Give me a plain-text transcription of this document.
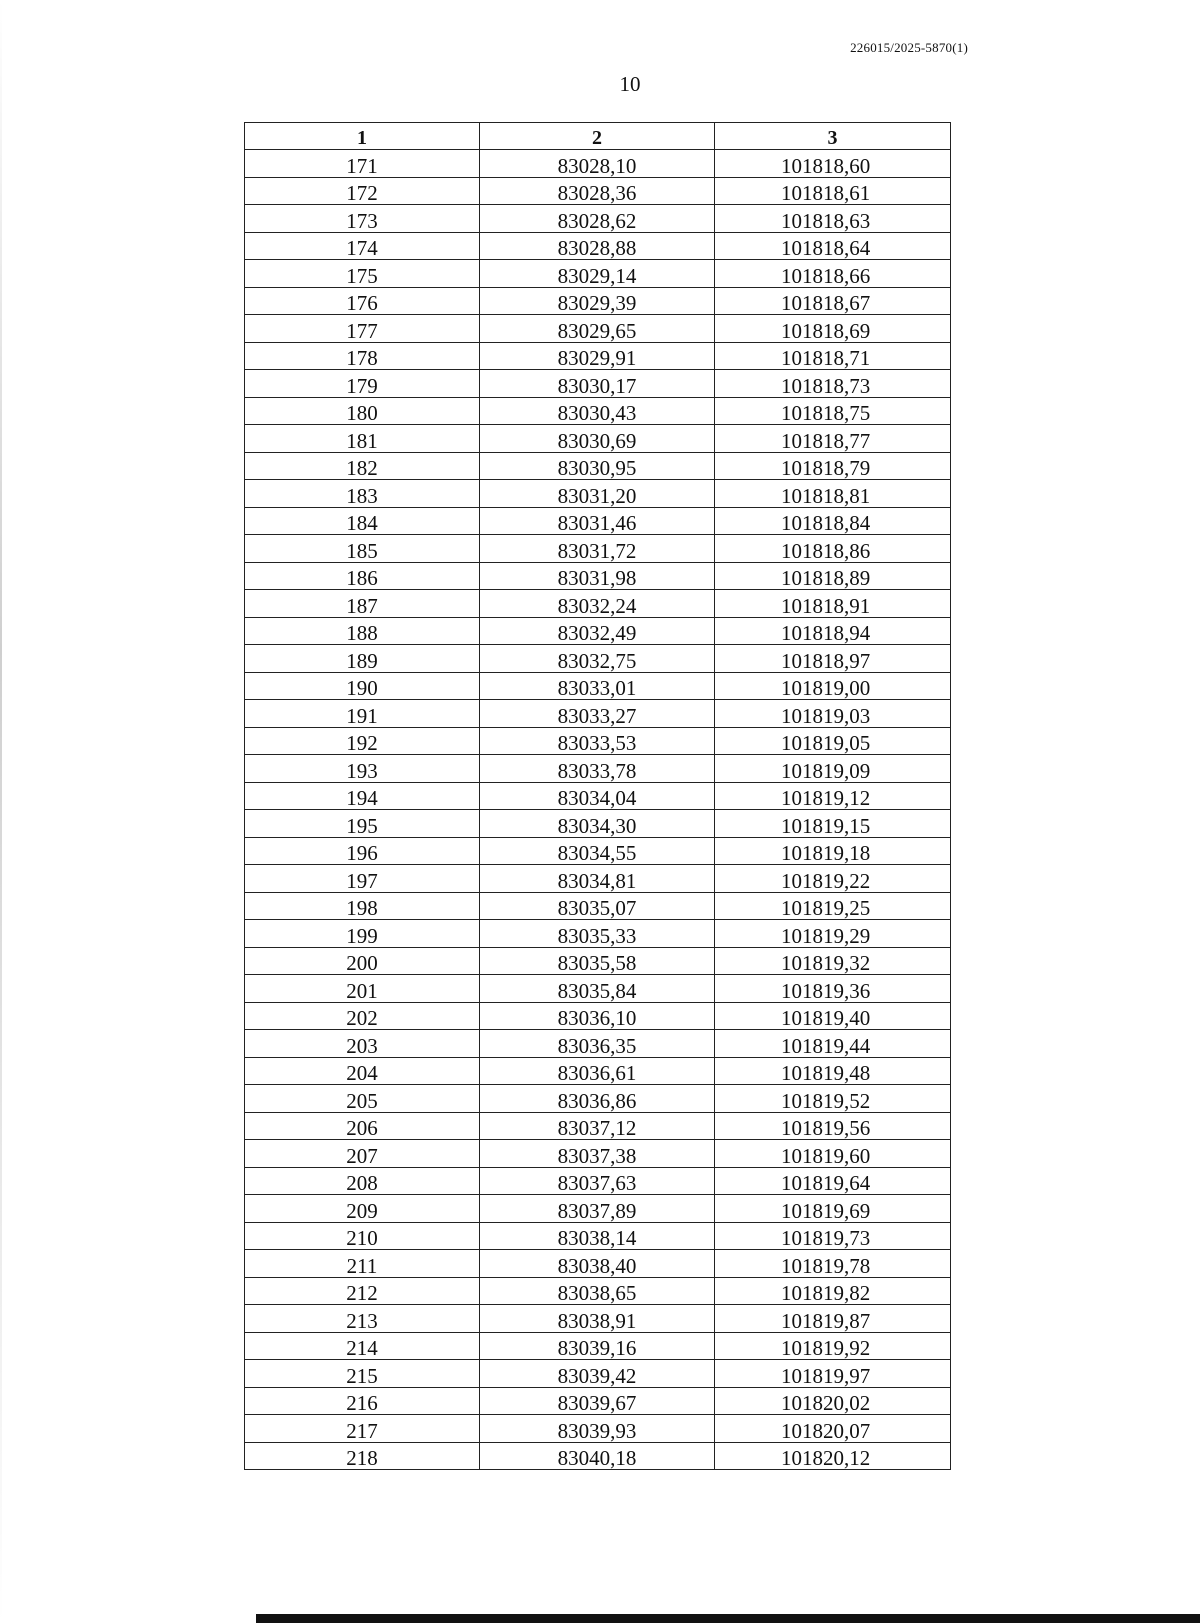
226015/2025-5870(1)
10
1	2	3
171	83028,10	101818,60
172	83028,36	101818,61
173	83028,62	101818,63
174	83028,88	101818,64
175	83029,14	101818,66
176	83029,39	101818,67
177	83029,65	101818,69
178	83029,91	101818,71
179	83030,17	101818,73
180	83030,43	101818,75
181	83030,69	101818,77
182	83030,95	101818,79
183	83031,20	101818,81
184	83031,46	101818,84
185	83031,72	101818,86
186	83031,98	101818,89
187	83032,24	101818,91
188	83032,49	101818,94
189	83032,75	101818,97
190	83033,01	101819,00
191	83033,27	101819,03
192	83033,53	101819,05
193	83033,78	101819,09
194	83034,04	101819,12
195	83034,30	101819,15
196	83034,55	101819,18
197	83034,81	101819,22
198	83035,07	101819,25
199	83035,33	101819,29
200	83035,58	101819,32
201	83035,84	101819,36
202	83036,10	101819,40
203	83036,35	101819,44
204	83036,61	101819,48
205	83036,86	101819,52
206	83037,12	101819,56
207	83037,38	101819,60
208	83037,63	101819,64
209	83037,89	101819,69
210	83038,14	101819,73
211	83038,40	101819,78
212	83038,65	101819,82
213	83038,91	101819,87
214	83039,16	101819,92
215	83039,42	101819,97
216	83039,67	101820,02
217	83039,93	101820,07
218	83040,18	101820,12
